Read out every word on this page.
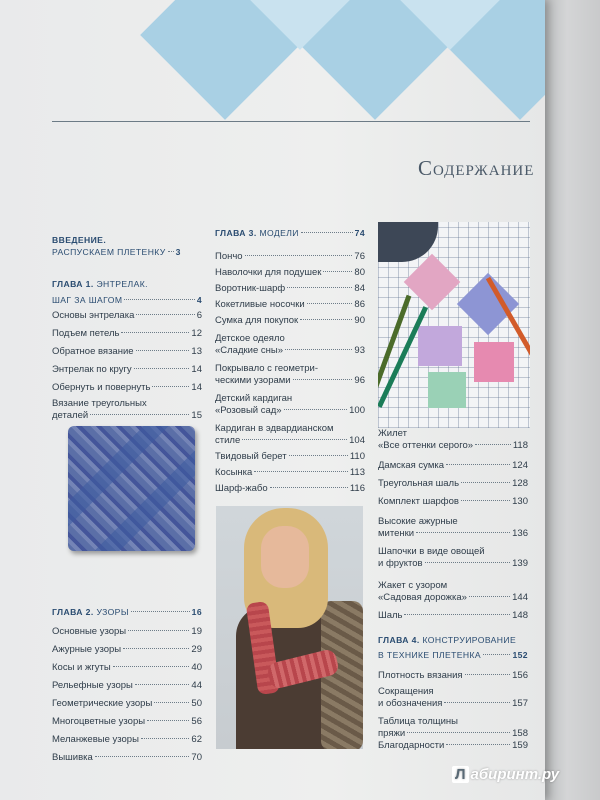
Содержание
ВВЕДЕНИЕ.
РАСПУСКАЕМ ПЛЕТЕНКУ 3
ГЛАВА 1.
ЭНТРЕЛАК.
ШАГ ЗА ШАГОМ	4
Основы энтрелака	6
Подъем петель	12
Обратное вязание	13
Энтрелак по кругу	14
Обернуть и повернуть	14
Вязание треугольных
деталей	15
ГЛАВА 2.
УЗОРЫ	16
Основные узоры	19
Ажурные узоры	29
Косы и жгуты	40
Рельефные узоры	44
Геометрические узоры	50
Многоцветные узоры	56
Меланжевые узоры	62
Вышивка	70
ГЛАВА 3.
МОДЕЛИ	74
Пончо	76
Наволочки для подушек	80
Воротник-шарф	84
Кокетливые носочки	86
Сумка для покупок	90
Детское одеяло
«Сладкие сны»	93
Покрывало с геометри-
ческими узорами	96
Детский кардиган
«Розовый сад»	100
Кардиган в эдвардианском
стиле	104
Твидовый берет	110
Косынка	113
Шарф-жабо	116
Жилет
«Все оттенки серого»	118
Дамская сумка	124
Треугольная шаль	128
Комплект шарфов	130
Высокие ажурные
митенки	136
Шапочки в виде овощей
и фруктов	139
Жакет с узором
«Садовая дорожка»	144
Шаль	148
ГЛАВА 4.
КОНСТРУИРОВАНИЕ
В ТЕХНИКЕ ПЛЕТЕНКА	152
Плотность вязания	156
Сокращения
и обозначения	157
Таблица толщины
пряжи	158
Благодарности	159
Л абиринт.ру
